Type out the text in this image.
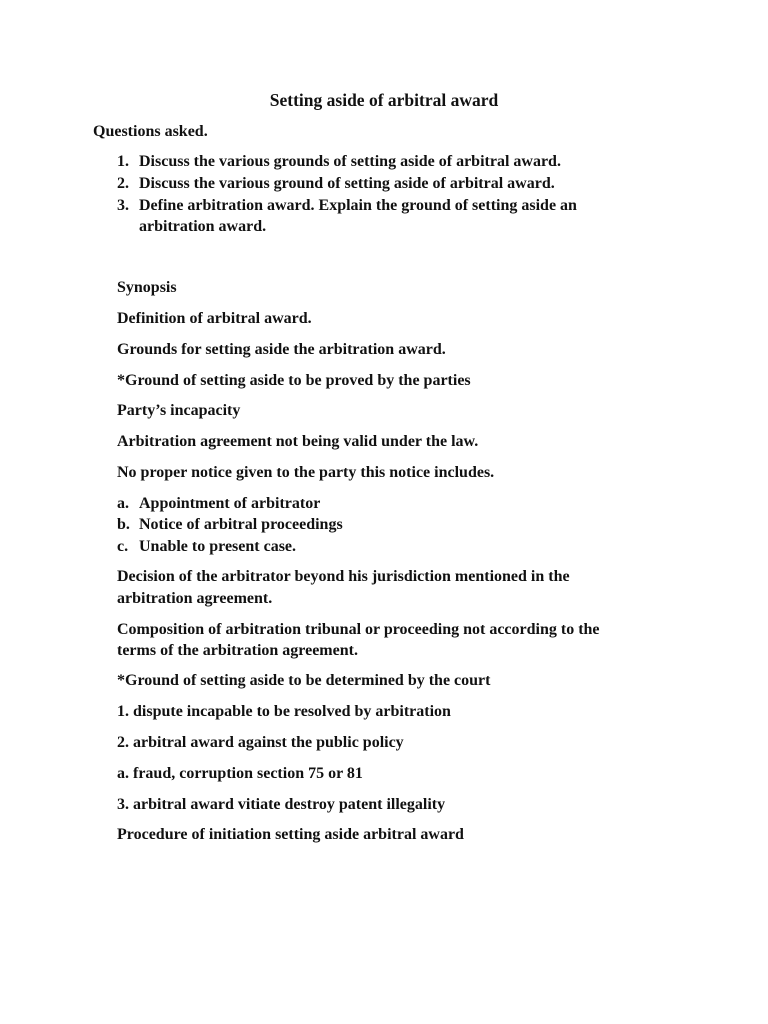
Setting aside of arbitral award
Questions asked.
1. Discuss the various grounds of setting aside of arbitral award.
2. Discuss the various ground of setting aside of arbitral award.
3. Define arbitration award. Explain the ground of setting aside an
arbitration award.
Synopsis
Definition of arbitral award.
Grounds for setting aside the arbitration award.
*Ground of setting aside to be proved by the parties
Party’s incapacity
Arbitration agreement not being valid under the law.
No proper notice given to the party this notice includes.
a. Appointment of arbitrator
b. Notice of arbitral proceedings
c. Unable to present case.
Decision of the arbitrator beyond his jurisdiction mentioned in the
arbitration agreement.
Composition of arbitration tribunal or proceeding not according to the
terms of the arbitration agreement.
*Ground of setting aside to be determined by the court
1. dispute incapable to be resolved by arbitration
2. arbitral award against the public policy
a. fraud, corruption section 75 or 81
3. arbitral award vitiate destroy patent illegality
Procedure of initiation setting aside arbitral award
